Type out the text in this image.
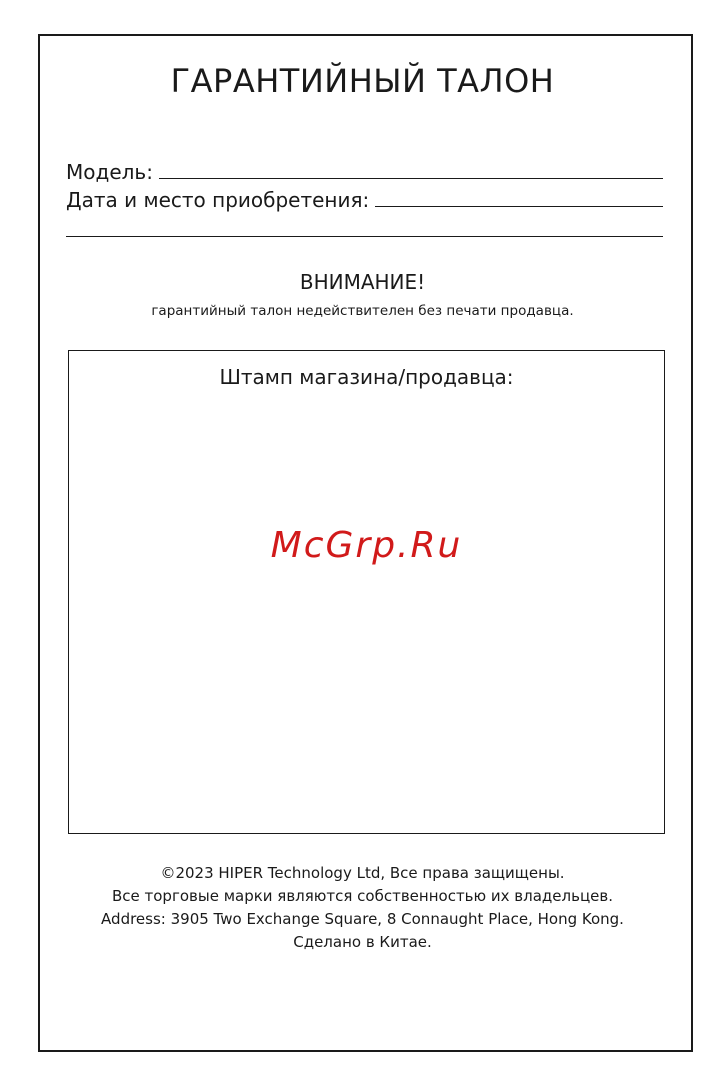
ГАРАНТИЙНЫЙ ТАЛОН
Модель:
Дата и место приобретения:
ВНИМАНИЕ!
гарантийный талон недействителен без печати продавца.
Штамп магазина/продавца:
McGrp.Ru
©2023 HIPER Technology Ltd, Все права защищены.
Все торговые марки являются собственностью их владельцев.
Address: 3905 Two Exchange Square, 8 Connaught Place, Hong Kong.
Сделано в Китае.
